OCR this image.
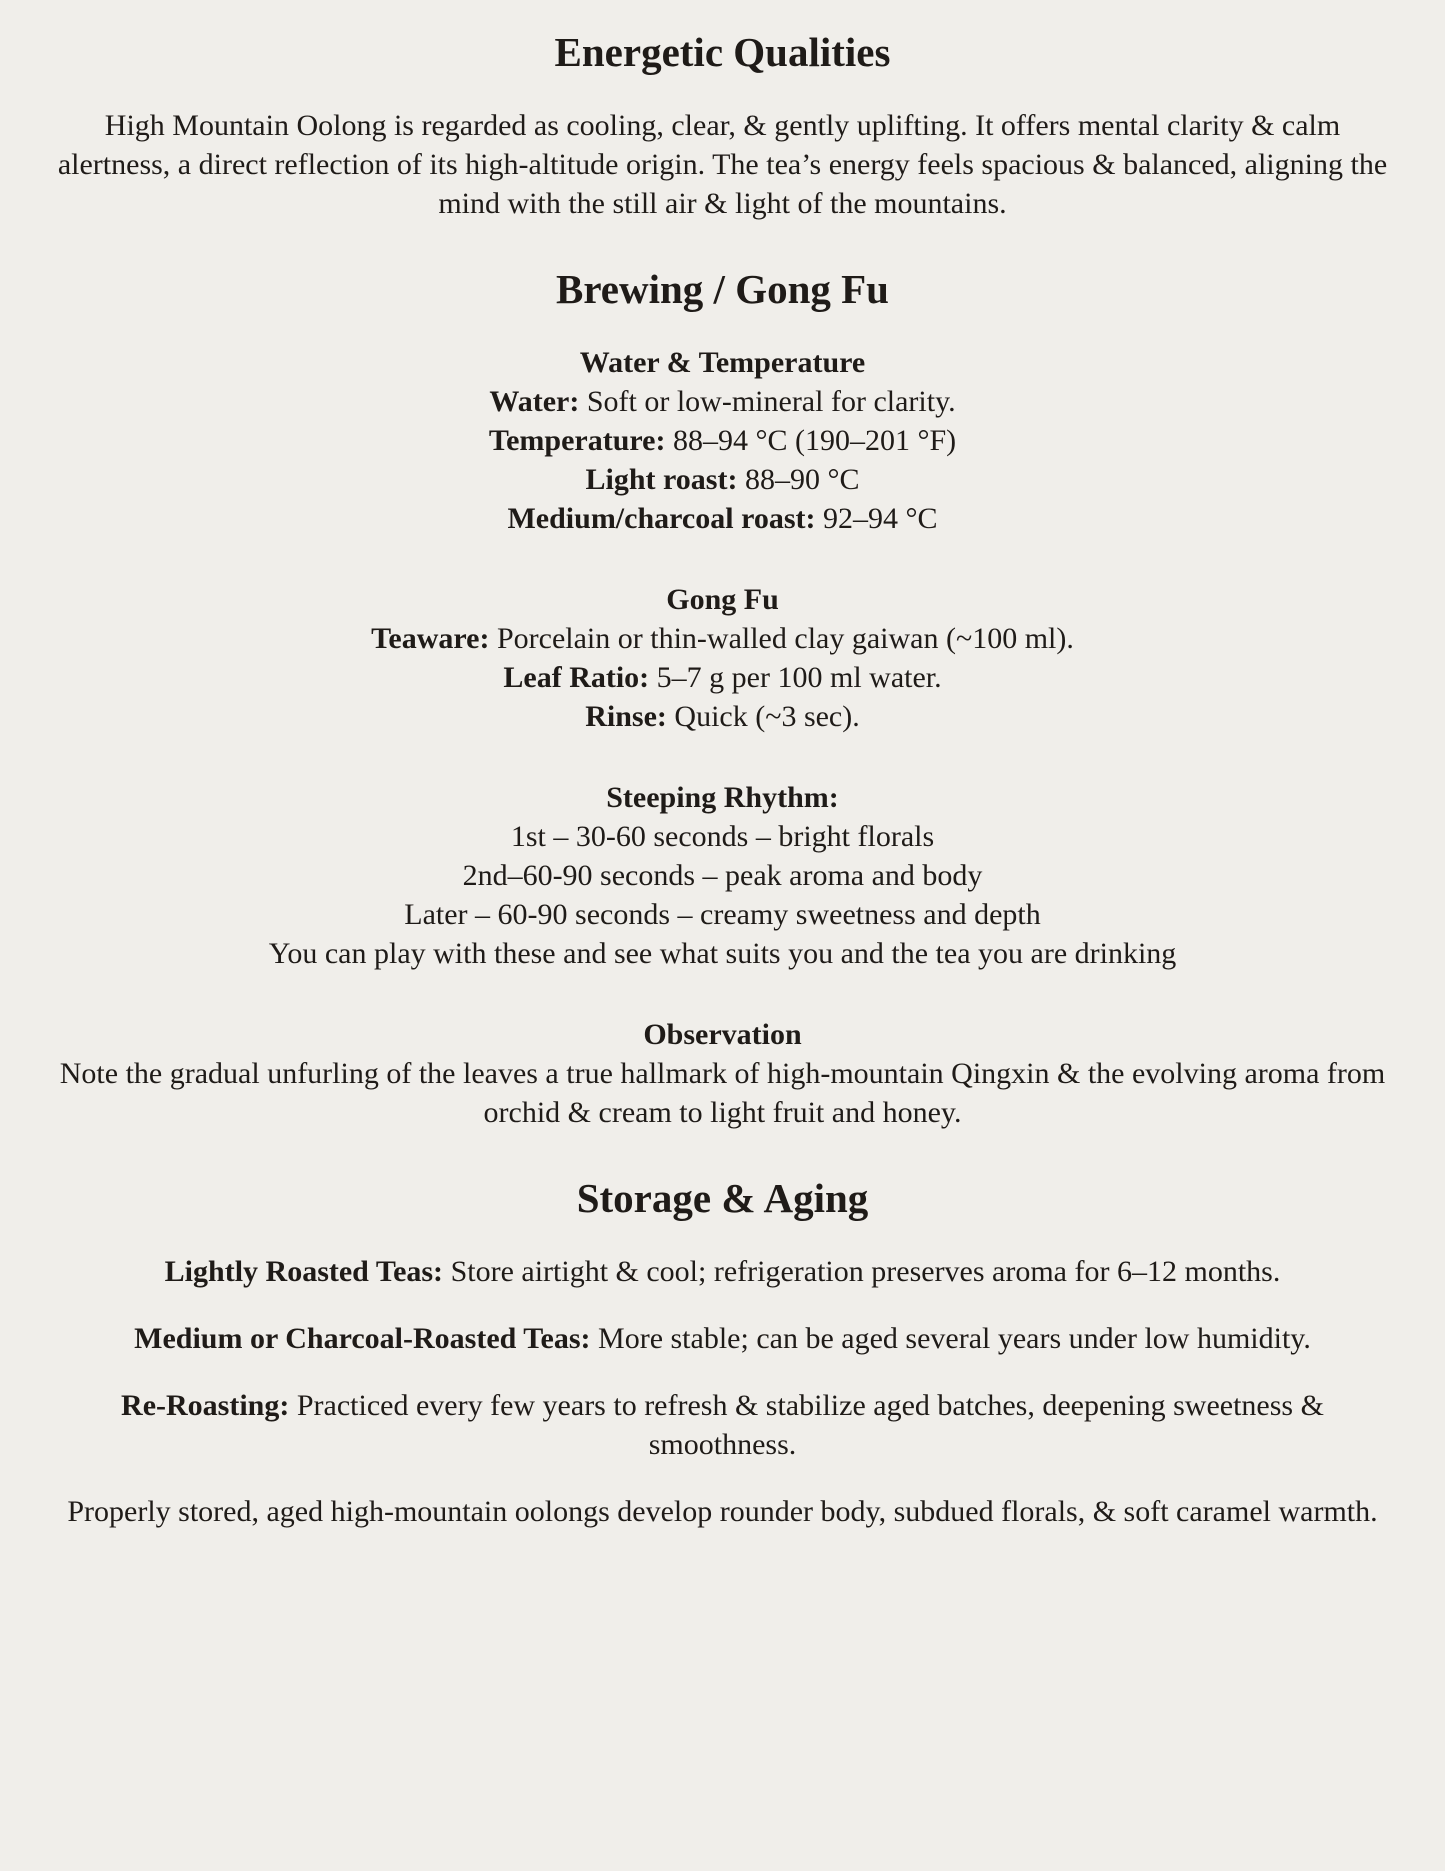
Energetic Qualities

High Mountain Oolong is regarded as cooling, clear, & gently uplifting. It offers mental clarity & calm alertness, a direct reflection of its high-altitude origin. The tea’s energy feels spacious & balanced, aligning the mind with the still air & light of the mountains.

Brewing / Gong Fu
Water & Temperature
Water: Soft or low-mineral for clarity.
Temperature: 88–94 °C (190–201 °F)
Light roast: 88–90 °C
Medium/charcoal roast: 92–94 °C
Gong Fu
Teaware: Porcelain or thin-walled clay gaiwan (~100 ml).
Leaf Ratio: 5–7 g per 100 ml water.
Rinse: Quick (~3 sec).
Steeping Rhythm:
1st – 30-60 seconds – bright florals
2nd–60-90 seconds – peak aroma and body
Later – 60-90 seconds – creamy sweetness and depth
You can play with these and see what suits you and the tea you are drinking
Observation
Note the gradual unfurling of the leaves a true hallmark of high-mountain Qingxin & the evolving aroma from orchid & cream to light fruit and honey.
Storage & Aging

Lightly Roasted Teas: Store airtight & cool; refrigeration preserves aroma for 6–12 months.

Medium or Charcoal-Roasted Teas: More stable; can be aged several years under low humidity.

Re-Roasting: Practiced every few years to refresh & stabilize aged batches, deepening sweetness & smoothness.

Properly stored, aged high-mountain oolongs develop rounder body, subdued florals, & soft caramel warmth.
